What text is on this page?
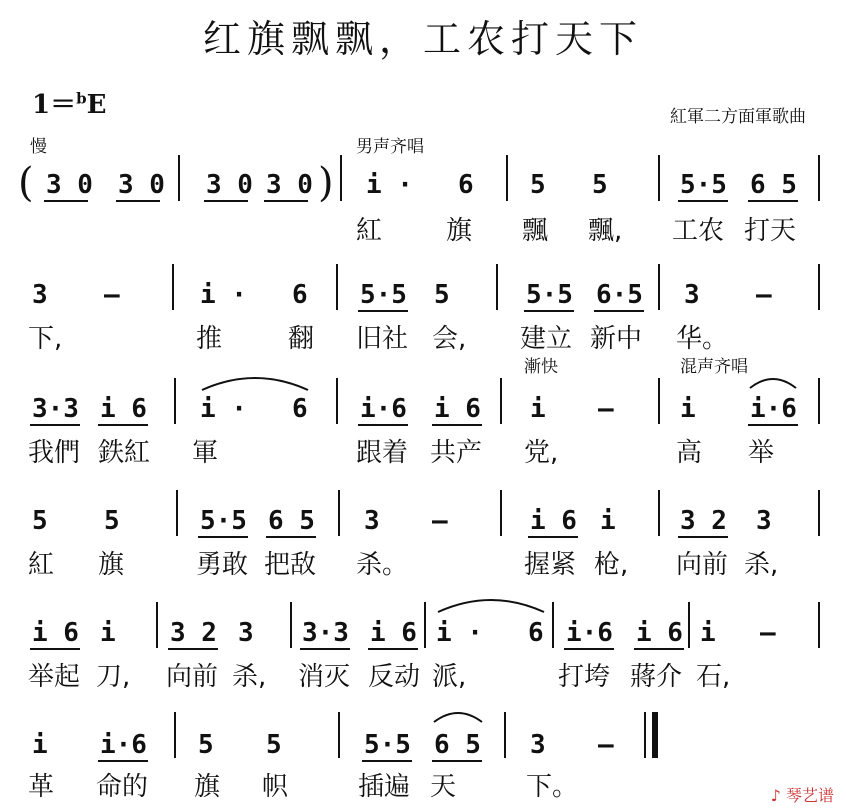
红旗飘飘，工农打天下
1＝$^b$E	紅軍二方面軍歌曲
慢	男声齐唱
( 3 0 3 0 3 0 3 0 ) i · 6 5 5	5·5 6 5
紅 旗 飄 飄, 工农 打天
3 –	i · 6 5·5 5	5·5 6·5 3 –
下,	推	翻 旧社 会, 建立 新中 华。
漸快	混声齐唱
3·3 i 6 i · 6 i·6 i 6 i –	i i·6
我們 鉄紅 軍	跟着 共产 党,	高 举
5 5	5·5 6 5 3 –	i 6 i 3 2 3
紅 旗	勇敢 把敌 杀。	握紧 枪, 向前 杀,
i 6 i 3 2 3 3·3 i 6 i · 6 i·6 i 6 i –
举起 刀, 向前 杀, 消灭 反动 派,	打垮 蔣介 石,
i i·6 5 5	5·5 6 5 3 –
革 命的 旗 帜	插遍 天	下。	♪ 琴艺谱
